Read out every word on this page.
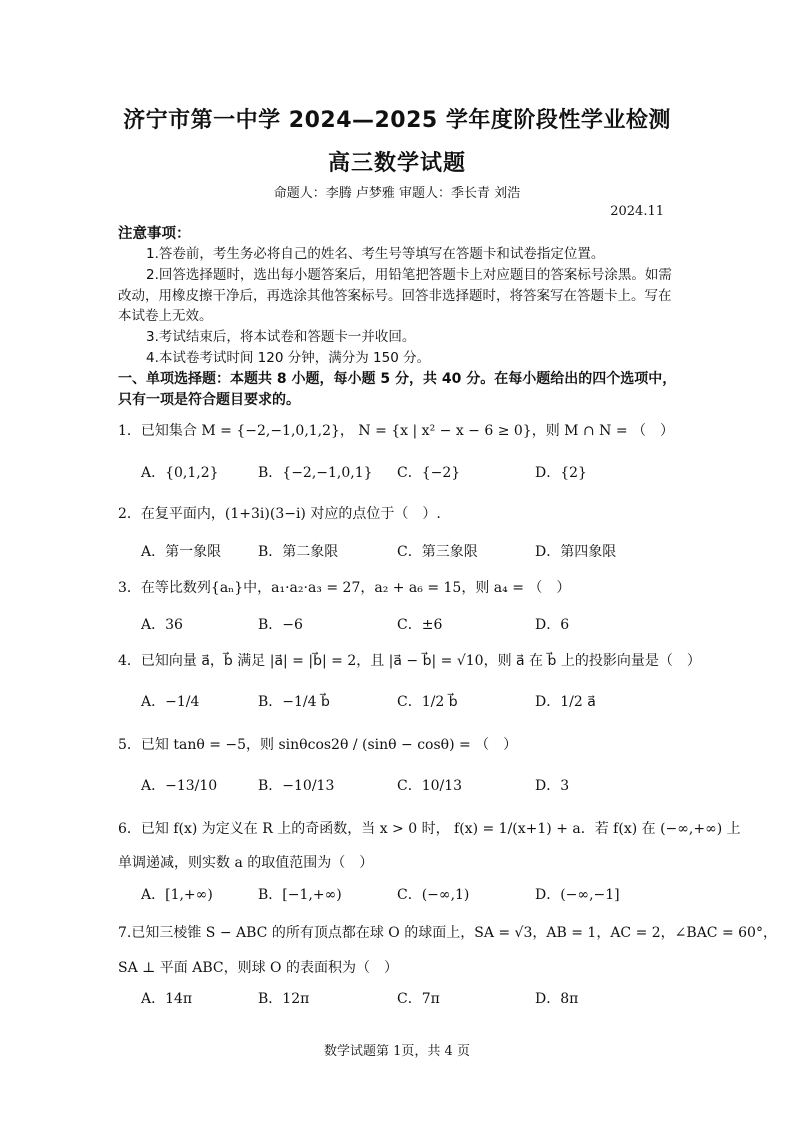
济宁市第一中学 2024—2025 学年度阶段性学业检测
高三数学试题
命题人：李腾 卢梦雅 审题人：季长青 刘浩
2024.11
注意事项：
1.答卷前，考生务必将自己的姓名、考生号等填写在答题卡和试卷指定位置。
2.回答选择题时，选出每小题答案后，用铅笔把答题卡上对应题目的答案标号涂黑。如需改动，用橡皮擦干净后，再选涂其他答案标号。回答非选择题时，将答案写在答题卡上。写在本试卷上无效。
3.考试结束后，将本试卷和答题卡一并收回。
4.本试卷考试时间 120 分钟，满分为 150 分。
一、单项选择题：本题共 8 小题，每小题 5 分，共 40 分。在每小题给出的四个选项中，只有一项是符合题目要求的。
1．已知集合 M = {−2,−1,0,1,2}， N = {x | x² − x − 6 ≥ 0}，则 M ∩ N = （　）
A．{0,1,2}	B．{−2,−1,0,1} C．{−2}	D．{2}
2．在复平面内，(1+3i)(3−i) 对应的点位于（　）.
A．第一象限	B．第二象限	C．第三象限	D．第四象限
3．在等比数列{aₙ}中，a₁·a₂·a₃ = 27，a₂ + a₆ = 15，则 a₄ = （　）
A．36	B．−6	C．±6	D．6
4．已知向量 a⃗，b⃗ 满足 |a⃗| = |b⃗| = 2，且 |a⃗ − b⃗| = √10，则 a⃗ 在 b⃗ 上的投影向量是（　）
A．−1/4	B．−1/4 b⃗	C．1/2 b⃗	D．1/2 a⃗
5．已知 tanθ = −5，则 sinθcos2θ / (sinθ − cosθ) = （　）
A．−13/10	B．−10/13	C．10/13	D．3
6．已知 f(x) 为定义在 R 上的奇函数，当 x > 0 时， f(x) = 1/(x+1) + a．若 f(x) 在 (−∞,+∞) 上
单调递减，则实数 a 的取值范围为（　）
A．[1,+∞)	B．[−1,+∞)	C．(−∞,1)	D．(−∞,−1]
7.已知三棱锥 S − ABC 的所有顶点都在球 O 的球面上，SA = √3，AB = 1，AC = 2，∠BAC = 60°，
SA ⊥ 平面 ABC，则球 O 的表面积为（　）
A．14π	B．12π	C．7π	D．8π
数学试题第 1页，共 4 页
